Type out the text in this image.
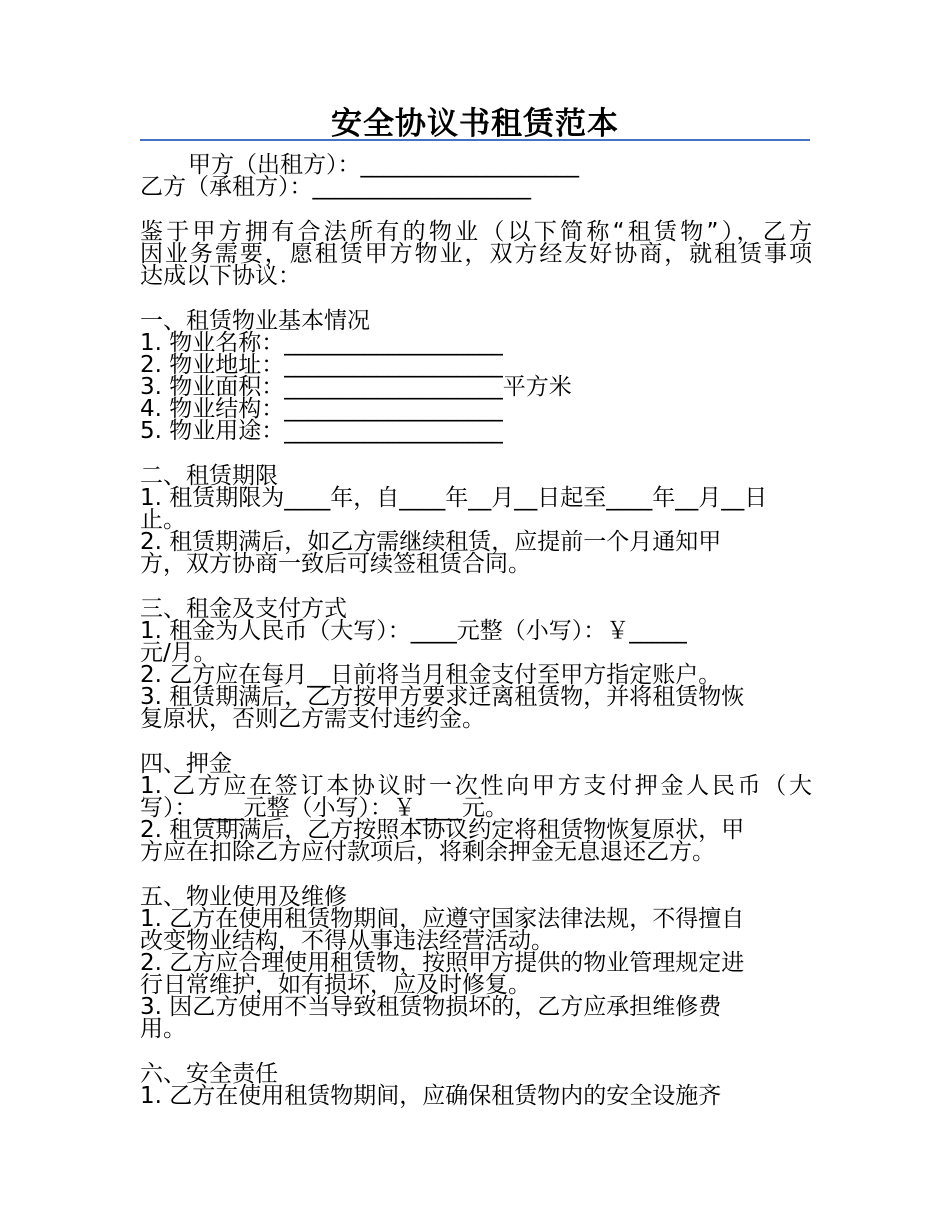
安全协议书租赁范本
甲方（出租方）：___________________
乙方（承租方）：___________________
鉴于甲方拥有合法所有的物业（以下简称“租赁物”），乙方
因业务需要，愿租赁甲方物业，双方经友好协商，就租赁事项
达成以下协议：
一、租赁物业基本情况
1. 物业名称：___________________
2. 物业地址：___________________
3. 物业面积：___________________平方米
4. 物业结构：___________________
5. 物业用途：___________________
二、租赁期限
1. 租赁期限为____年，自____年__月__日起至____年__月__日
止。
2. 租赁期满后，如乙方需继续租赁，应提前一个月通知甲
方，双方协商一致后可续签租赁合同。
三、租金及支付方式
1. 租金为人民币（大写）：____元整（小写）：￥_____
元/月。
2. 乙方应在每月__日前将当月租金支付至甲方指定账户。
3. 租赁期满后，乙方按甲方要求迁离租赁物，并将租赁物恢
复原状，否则乙方需支付违约金。
四、押金
1. 乙方应在签订本协议时一次性向甲方支付押金人民币（大
写）：____元整（小写）：￥____元。
2. 租赁期满后，乙方按照本协议约定将租赁物恢复原状，甲
方应在扣除乙方应付款项后，将剩余押金无息退还乙方。
五、物业使用及维修
1. 乙方在使用租赁物期间，应遵守国家法律法规，不得擅自
改变物业结构，不得从事违法经营活动。
2. 乙方应合理使用租赁物，按照甲方提供的物业管理规定进
行日常维护，如有损坏，应及时修复。
3. 因乙方使用不当导致租赁物损坏的，乙方应承担维修费
用。
六、安全责任
1. 乙方在使用租赁物期间，应确保租赁物内的安全设施齐
